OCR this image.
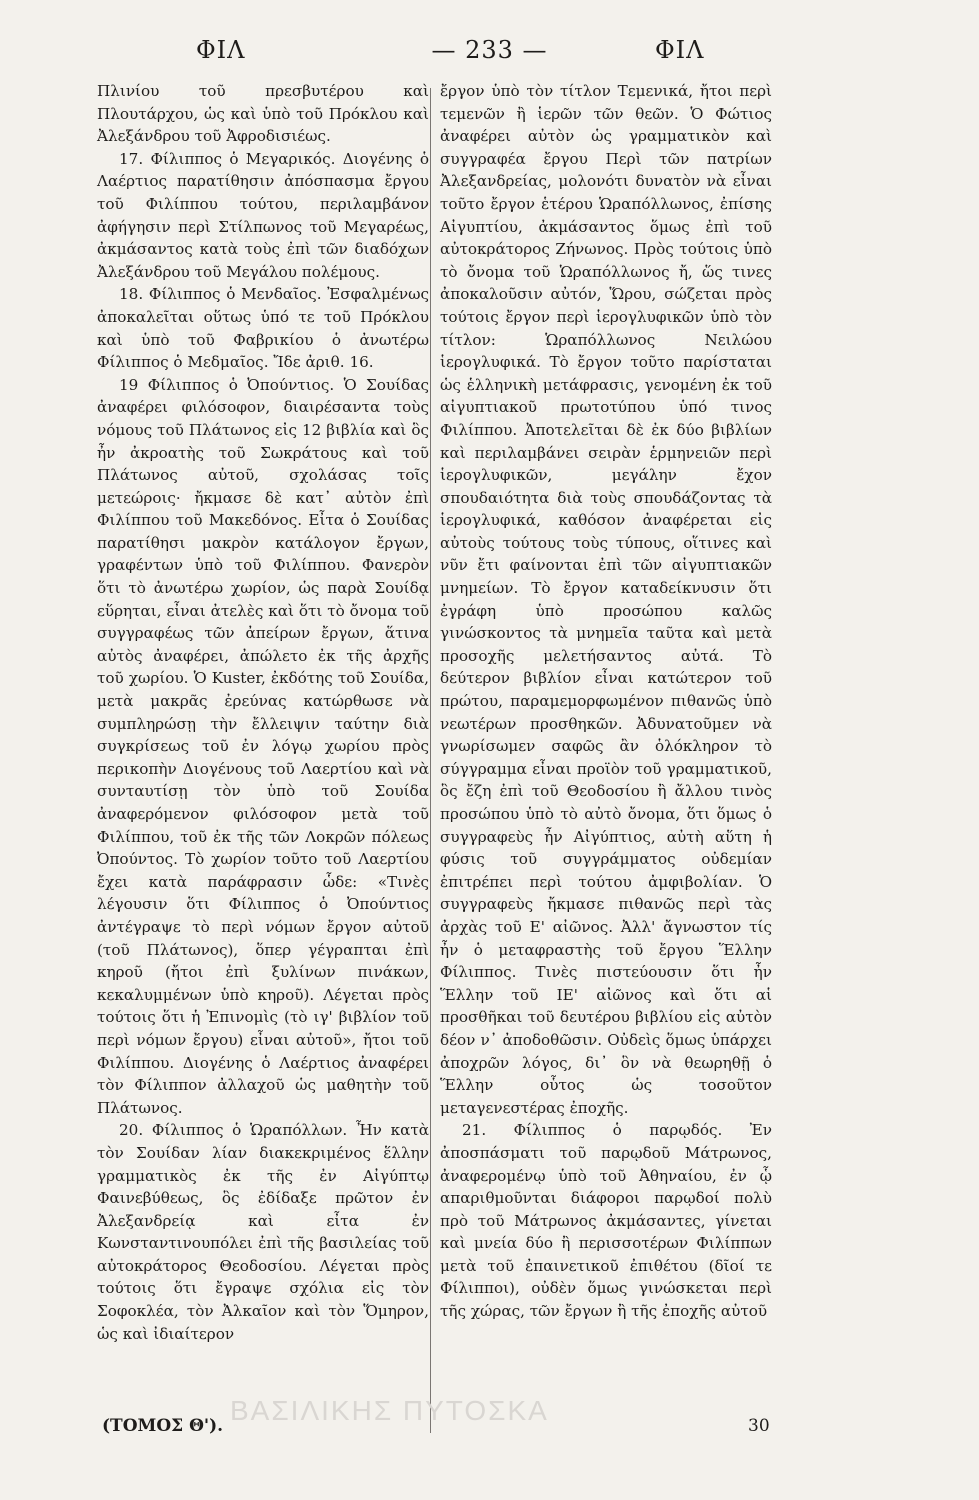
ΦΙΛ	— 233 —	ΦΙΛ

Πλινίου τοῦ πρεσβυτέρου καὶ Πλουτάρχου, ὡς καὶ ὑπὸ τοῦ Πρόκλου καὶ Ἀλεξάνδρου τοῦ Ἀφροδισιέως.

17. Φίλιππος ὁ Μεγαρικός. Διογένης ὁ Λαέρτιος παρατίθησιν ἀπόσπασμα ἔργου τοῦ Φιλίππου τούτου, περιλαμβάνον ἀφήγησιν περὶ Στίλπωνος τοῦ Μεγαρέως, ἀκμάσαντος κατὰ τοὺς ἐπὶ τῶν διαδόχων Ἀλεξάνδρου τοῦ Μεγάλου πολέμους.

18. Φίλιππος ὁ Μενδαῖος. Ἐσφαλμένως ἀποκαλεῖται οὕτως ὑπό τε τοῦ Πρόκλου καὶ ὑπὸ τοῦ Φαβρικίου ὁ ἀνωτέρω Φίλιππος ὁ Μεδμαῖος. Ἴδε ἀριθ. 16.

19 Φίλιππος ὁ Ὀπούντιος. Ὁ Σουίδας ἀναφέρει φιλόσοφον, διαιρέσαντα τοὺς νόμους τοῦ Πλάτωνος εἰς 12 βιβλία καὶ ὃς ἦν ἀκροατὴς τοῦ Σωκράτους καὶ τοῦ Πλάτωνος αὐτοῦ, σχολάσας τοῖς μετεώροις· ἤκμασε δὲ κατ᾽ αὐτὸν ἐπὶ Φιλίππου τοῦ Μακεδόνος. Εἶτα ὁ Σουίδας παρατίθησι μακρὸν κατάλογον ἔργων, γραφέντων ὑπὸ τοῦ Φιλίππου. Φανερὸν ὅτι τὸ ἀνωτέρω χωρίον, ὡς παρὰ Σουίδᾳ εὕρηται, εἶναι ἀτελὲς καὶ ὅτι τὸ ὄνομα τοῦ συγγραφέως τῶν ἀπείρων ἔργων, ἅτινα αὐτὸς ἀναφέρει, ἀπώλετο ἐκ τῆς ἀρχῆς τοῦ χωρίου. Ὁ Kuster, ἐκδότης τοῦ Σουίδα, μετὰ μακρᾶς ἐρεύνας κατώρθωσε νὰ συμπληρώσῃ τὴν ἔλλειψιν ταύτην διὰ συγκρίσεως τοῦ ἐν λόγῳ χωρίου πρὸς περικοπὴν Διογένους τοῦ Λαερτίου καὶ νὰ συνταυτίσῃ τὸν ὑπὸ τοῦ Σουίδα ἀναφερόμενον φιλόσοφον μετὰ τοῦ Φιλίππου, τοῦ ἐκ τῆς τῶν Λοκρῶν πόλεως Ὀπούντος. Τὸ χωρίον τοῦτο τοῦ Λαερτίου ἔχει κατὰ παράφρασιν ὧδε: «Τινὲς λέγουσιν ὅτι Φίλιππος ὁ Ὀπούντιος ἀντέγραψε τὸ περὶ νόμων ἔργον αὐτοῦ (τοῦ Πλάτωνος), ὅπερ γέγραπται ἐπὶ κηροῦ (ἤτοι ἐπὶ ξυλίνων πινάκων, κεκαλυμμένων ὑπὸ κηροῦ). Λέγεται πρὸς τούτοις ὅτι ἡ Ἐπινομὶς (τὸ ιγ' βιβλίον τοῦ περὶ νόμων ἔργου) εἶναι αὐτοῦ», ἤτοι τοῦ Φιλίππου. Διογένης ὁ Λαέρτιος ἀναφέρει τὸν Φίλιππον ἀλλαχοῦ ὡς μαθητὴν τοῦ Πλάτωνος.

20. Φίλιππος ὁ Ὡραπόλλων. Ἦν κατὰ τὸν Σουίδαν λίαν διακεκριμένος ἕλλην γραμματικὸς ἐκ τῆς ἐν Αἰγύπτῳ Φαινεβύθεως, ὃς ἐδίδαξε πρῶτον ἐν Ἀλεξανδρείᾳ καὶ εἶτα ἐν Κωνσταντινουπόλει ἐπὶ τῆς βασιλείας τοῦ αὐτοκράτορος Θεοδοσίου. Λέγεται πρὸς τούτοις ὅτι ἔγραψε σχόλια εἰς τὸν Σοφοκλέα, τὸν Ἀλκαῖον καὶ τὸν Ὅμηρον, ὡς καὶ ἰδιαίτερον

ἔργον ὑπὸ τὸν τίτλον Τεμενικά, ἤτοι περὶ τεμενῶν ἢ ἱερῶν τῶν θεῶν. Ὁ Φώτιος ἀναφέρει αὐτὸν ὡς γραμματικὸν καὶ συγγραφέα ἔργου Περὶ τῶν πατρίων Ἀλεξανδρείας, μολονότι δυνατὸν νὰ εἶναι τοῦτο ἔργον ἑτέρου Ὡραπόλλωνος, ἐπίσης Αἰγυπτίου, ἀκμάσαντος ὅμως ἐπὶ τοῦ αὐτοκράτορος Ζήνωνος. Πρὸς τούτοις ὑπὸ τὸ ὄνομα τοῦ Ὡραπόλλωνος ἤ, ὥς τινες ἀποκαλοῦσιν αὐτόν, Ὥρου, σώζεται πρὸς τούτοις ἔργον περὶ ἱερογλυφικῶν ὑπὸ τὸν τίτλον: Ὡραπόλλωνος Νειλώου ἱερογλυφικά. Τὸ ἔργον τοῦτο παρίσταται ὡς ἑλληνικὴ μετάφρασις, γενομένη ἐκ τοῦ αἰγυπτιακοῦ πρωτοτύπου ὑπό τινος Φιλίππου. Ἀποτελεῖται δὲ ἐκ δύο βιβλίων καὶ περιλαμβάνει σειρὰν ἑρμηνειῶν περὶ ἱερογλυφικῶν, μεγάλην ἔχον σπουδαιότητα διὰ τοὺς σπουδάζοντας τὰ ἱερογλυφικά, καθόσον ἀναφέρεται εἰς αὐτοὺς τούτους τοὺς τύπους, οἵτινες καὶ νῦν ἔτι φαίνονται ἐπὶ τῶν αἰγυπτιακῶν μνημείων. Τὸ ἔργον καταδείκνυσιν ὅτι ἐγράφη ὑπὸ προσώπου καλῶς γινώσκοντος τὰ μνημεῖα ταῦτα καὶ μετὰ προσοχῆς μελετήσαντος αὐτά. Τὸ δεύτερον βιβλίον εἶναι κατώτερον τοῦ πρώτου, παραμεμορφωμένον πιθανῶς ὑπὸ νεωτέρων προσθηκῶν. Ἀδυνατοῦμεν νὰ γνωρίσωμεν σαφῶς ἂν ὁλόκληρον τὸ σύγγραμμα εἶναι προϊὸν τοῦ γραμματικοῦ, ὃς ἔζη ἐπὶ τοῦ Θεοδοσίου ἢ ἄλλου τινὸς προσώπου ὑπὸ τὸ αὐτὸ ὄνομα, ὅτι ὅμως ὁ συγγραφεὺς ἦν Αἰγύπτιος, αὐτὴ αὕτη ἡ φύσις τοῦ συγγράμματος οὐδεμίαν ἐπιτρέπει περὶ τούτου ἀμφιβολίαν. Ὁ συγγραφεὺς ἤκμασε πιθανῶς περὶ τὰς ἀρχὰς τοῦ Ε' αἰῶνος. Ἀλλ' ἄγνωστον τίς ἦν ὁ μεταφραστὴς τοῦ ἔργου Ἕλλην Φίλιππος. Τινὲς πιστεύουσιν ὅτι ἦν Ἕλλην τοῦ ΙΕ' αἰῶνος καὶ ὅτι αἱ προσθῆκαι τοῦ δευτέρου βιβλίου εἰς αὐτὸν δέον ν᾽ ἀποδοθῶσιν. Οὐδεὶς ὅμως ὑπάρχει ἀποχρῶν λόγος, δι᾽ ὃν νὰ θεωρηθῇ ὁ Ἕλλην οὗτος ὡς τοσοῦτον μεταγενεστέρας ἐποχῆς.

21. Φίλιππος ὁ παρῳδός. Ἐν ἀποσπάσματι τοῦ παρῳδοῦ Μάτρωνος, ἀναφερομένῳ ὑπὸ τοῦ Ἀθηναίου, ἐν ᾧ απαριθμοῦνται διάφοροι παρῳδοί πολὺ πρὸ τοῦ Μάτρωνος ἀκμάσαντες, γίνεται καὶ μνεία δύο ἢ περισσοτέρων Φιλίππων μετὰ τοῦ ἐπαινετικοῦ ἐπιθέτου (δῖοί τε Φίλιπποι), οὐδὲν ὅμως γινώσκεται περὶ τῆς χώρας, τῶν ἔργων ἢ τῆς ἐποχῆς αὐτοῦ

ΒΑΣΙΛΙΚΗΣ ΠΥΤΟΣΚΑ
(ΤΟΜΟΣ Θ').	30
